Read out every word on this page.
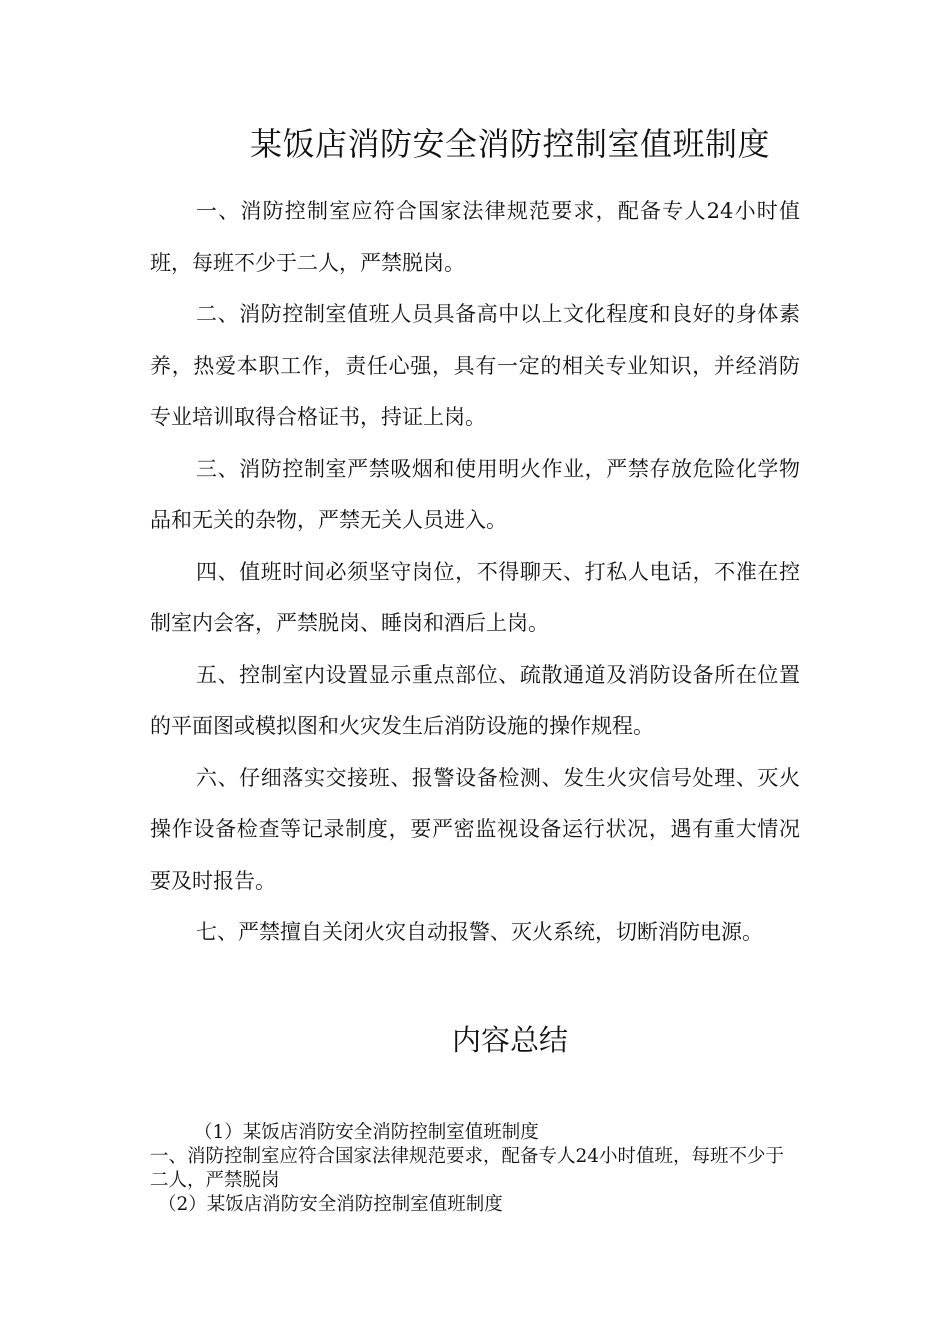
某饭店消防安全消防控制室值班制度

一、消防控制室应符合国家法律规范要求，配备专人24小时值班，每班不少于二人，严禁脱岗。

二、消防控制室值班人员具备高中以上文化程度和良好的身体素养，热爱本职工作，责任心强，具有一定的相关专业知识，并经消防专业培训取得合格证书，持证上岗。

三、消防控制室严禁吸烟和使用明火作业，严禁存放危险化学物品和无关的杂物，严禁无关人员进入。

四、值班时间必须坚守岗位，不得聊天、打私人电话，不准在控制室内会客，严禁脱岗、睡岗和酒后上岗。

五、控制室内设置显示重点部位、疏散通道及消防设备所在位置的平面图或模拟图和火灾发生后消防设施的操作规程。

六、仔细落实交接班、报警设备检测、发生火灾信号处理、灭火操作设备检查等记录制度，要严密监视设备运行状况，遇有重大情况要及时报告。

七、严禁擅自关闭火灾自动报警、灭火系统，切断消防电源。

内容总结

（1）某饭店消防安全消防控制室值班制度

一、消防控制室应符合国家法律规范要求，配备专人24小时值班，每班不少于二人，严禁脱岗

（2）某饭店消防安全消防控制室值班制度
